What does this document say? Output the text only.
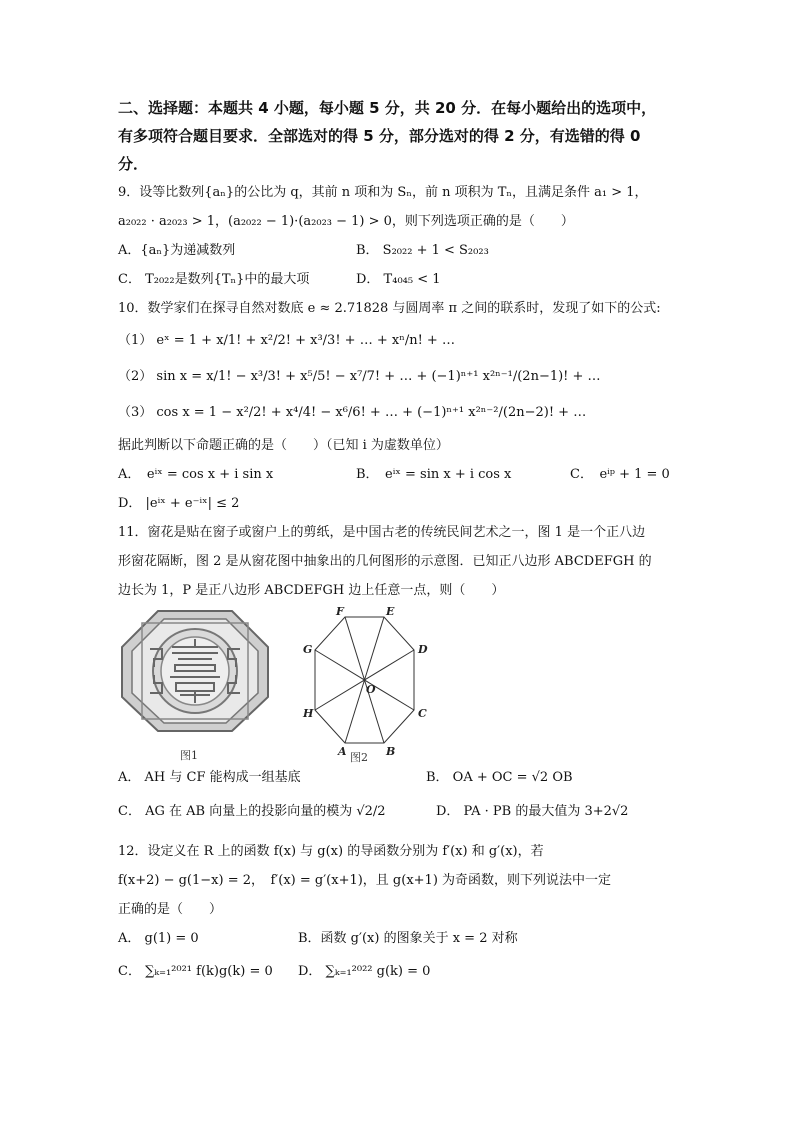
二、选择题：本题共 4 小题，每小题 5 分，共 20 分．在每小题给出的选项中，
有多项符合题目要求．全部选对的得 5 分，部分选对的得 2 分，有选错的得 0
分．
9．设等比数列{aₙ}的公比为 q，其前 n 项和为 Sₙ，前 n 项积为 Tₙ，且满足条件 a₁ > 1，
a₂₀₂₂ · a₂₀₂₃ > 1，(a₂₀₂₂ − 1)·(a₂₀₂₃ − 1) > 0，则下列选项正确的是（　　）
A．{aₙ}为递减数列	B． S₂₀₂₂ + 1 < S₂₀₂₃
C． T₂₀₂₂是数列{Tₙ}中的最大项	D． T₄₀₄₅ < 1
10．数学家们在探寻自然对数底 e ≈ 2.71828 与圆周率 π 之间的联系时，发现了如下的公式:
（1） eˣ = 1 + x/1! + x²/2! + x³/3! + … + xⁿ/n! + …
（2） sin x = x/1! − x³/3! + x⁵/5! − x⁷/7! + … + (−1)ⁿ⁺¹ x²ⁿ⁻¹/(2n−1)! + …
（3） cos x = 1 − x²/2! + x⁴/4! − x⁶/6! + … + (−1)ⁿ⁺¹ x²ⁿ⁻²/(2n−2)! + …
据此判断以下命题正确的是（　　）（已知 i 为虚数单位）
A．　eⁱˣ = cos x + i sin x	B．　eⁱˣ = sin x + i cos x	C．　eⁱᵖ + 1 = 0
D． |eⁱˣ + e⁻ⁱˣ| ≤ 2
11．窗花是贴在窗子或窗户上的剪纸，是中国古老的传统民间艺术之一，图 1 是一个正八边
形窗花隔断，图 2 是从窗花图中抽象出的几何图形的示意图．已知正八边形 ABCDEFGH 的
边长为 1，P 是正八边形 ABCDEFGH 边上任意一点，则（　　）
图1	A	B
C
D
E
F
G
H
O
图2
A． AH 与 CF 能构成一组基底	B． OA + OC = √2 OB
C． AG 在 AB 向量上的投影向量的模为 √2/2	D． PA · PB 的最大值为 3+2√2
12．设定义在 R 上的函数 f(x) 与 g(x) 的导函数分别为 f′(x) 和 g′(x)，若
f(x+2) − g(1−x) = 2，　f′(x) = g′(x+1)，且 g(x+1) 为奇函数，则下列说法中一定
正确的是（　　）
A． g(1) = 0	B．函数 g′(x) 的图象关于 x = 2 对称
C． ∑ₖ₌₁²⁰²¹ f(k)g(k) = 0 D． ∑ₖ₌₁²⁰²² g(k) = 0
